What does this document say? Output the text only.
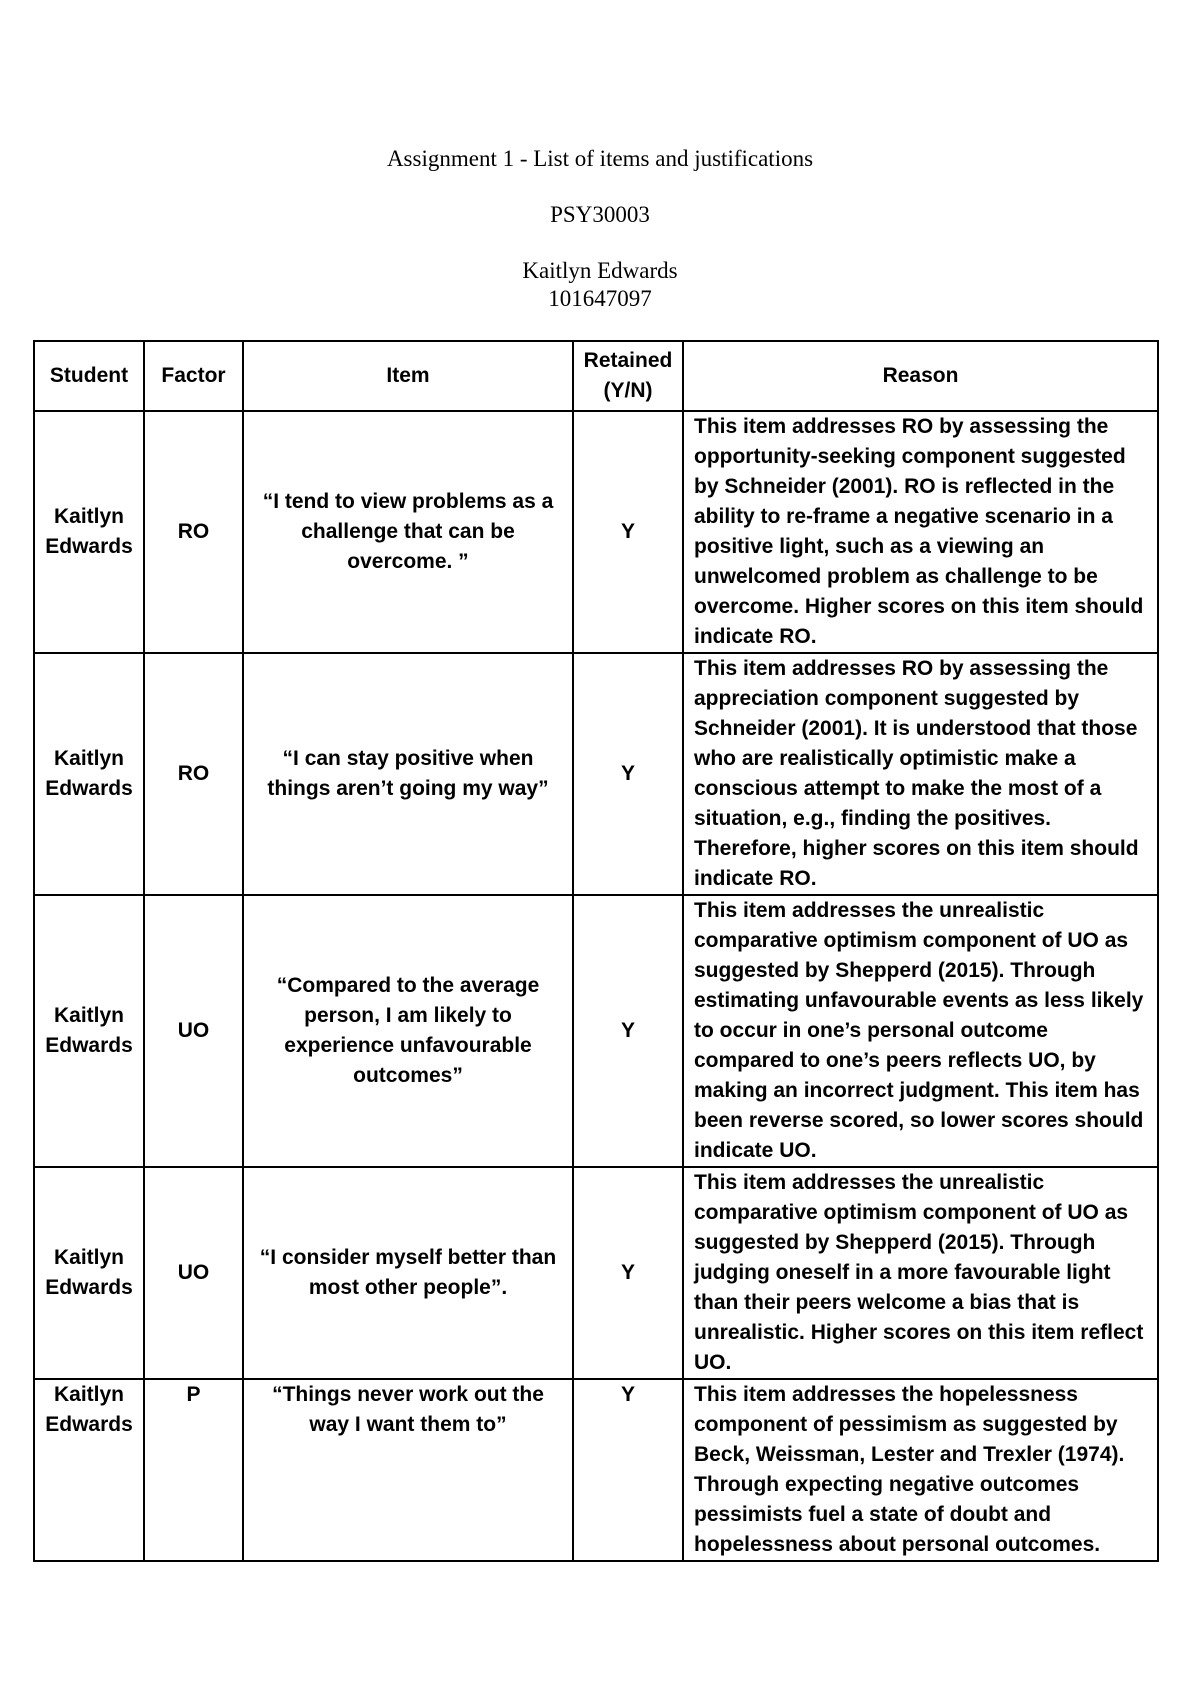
Assignment 1 - List of items and justifications
PSY30003
Kaitlyn Edwards
101647097
Student	Factor	Item	Retained (Y/N)	Reason
Kaitlyn Edwards	RO	“I tend to view problems as a challenge that can be overcome. ”	Y	This item addresses RO by assessing the opportunity-seeking component suggested by Schneider (2001). RO is reflected in the ability to re-frame a negative scenario in a positive light, such as a viewing an unwelcomed problem as challenge to be overcome. Higher scores on this item should indicate RO.
Kaitlyn Edwards	RO	“I can stay positive when things aren’t going my way”	Y	This item addresses RO by assessing the appreciation component suggested by Schneider (2001). It is understood that those who are realistically optimistic make a conscious attempt to make the most of a situation, e.g., finding the positives. Therefore, higher scores on this item should indicate RO.
Kaitlyn Edwards	UO	“Compared to the average person, I am likely to experience unfavourable outcomes”	Y	This item addresses the unrealistic comparative optimism component of UO as suggested by Shepperd (2015). Through estimating unfavourable events as less likely to occur in one’s personal outcome compared to one’s peers reflects UO, by making an incorrect judgment. This item has been reverse scored, so lower scores should indicate UO.
Kaitlyn Edwards	UO	“I consider myself better than most other people”.	Y	This item addresses the unrealistic comparative optimism component of UO as suggested by Shepperd (2015). Through judging oneself in a more favourable light than their peers welcome a bias that is unrealistic. Higher scores on this item reflect UO.
Kaitlyn Edwards	P	“Things never work out the way I want them to”	Y	This item addresses the hopelessness component of pessimism as suggested by Beck, Weissman, Lester and Trexler (1974). Through expecting negative outcomes pessimists fuel a state of doubt and hopelessness about personal outcomes.
